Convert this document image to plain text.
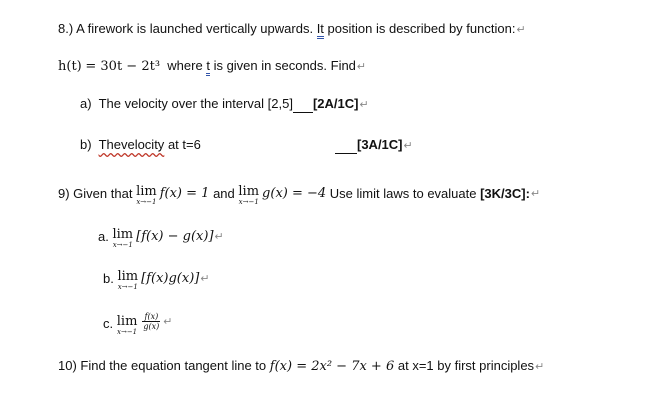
8.) A firework is launched vertically upwards. It position is described by function:↵
h(t) = 30t − 2t³ where t is given in seconds. Find↵
a) The velocity over the interval [2,5] [2A/1C]↵
b) Thevelocity at t=6	[3A/1C]↵
9) Given that lim
x→−1
f(x) = 1 and lim
x→−1
g(x) = −4 Use limit laws to evaluate [3K/3C]:↵
a. lim
x→−1
[f(x) − g(x)]↵
b. lim
x→−1
[f(x)g(x)]↵
c. lim
x→−1
$\frac{f(x)}{g(x)}$ ↵
10) Find the equation tangent line to f(x) = 2x² − 7x + 6 at x=1 by first principles↵
